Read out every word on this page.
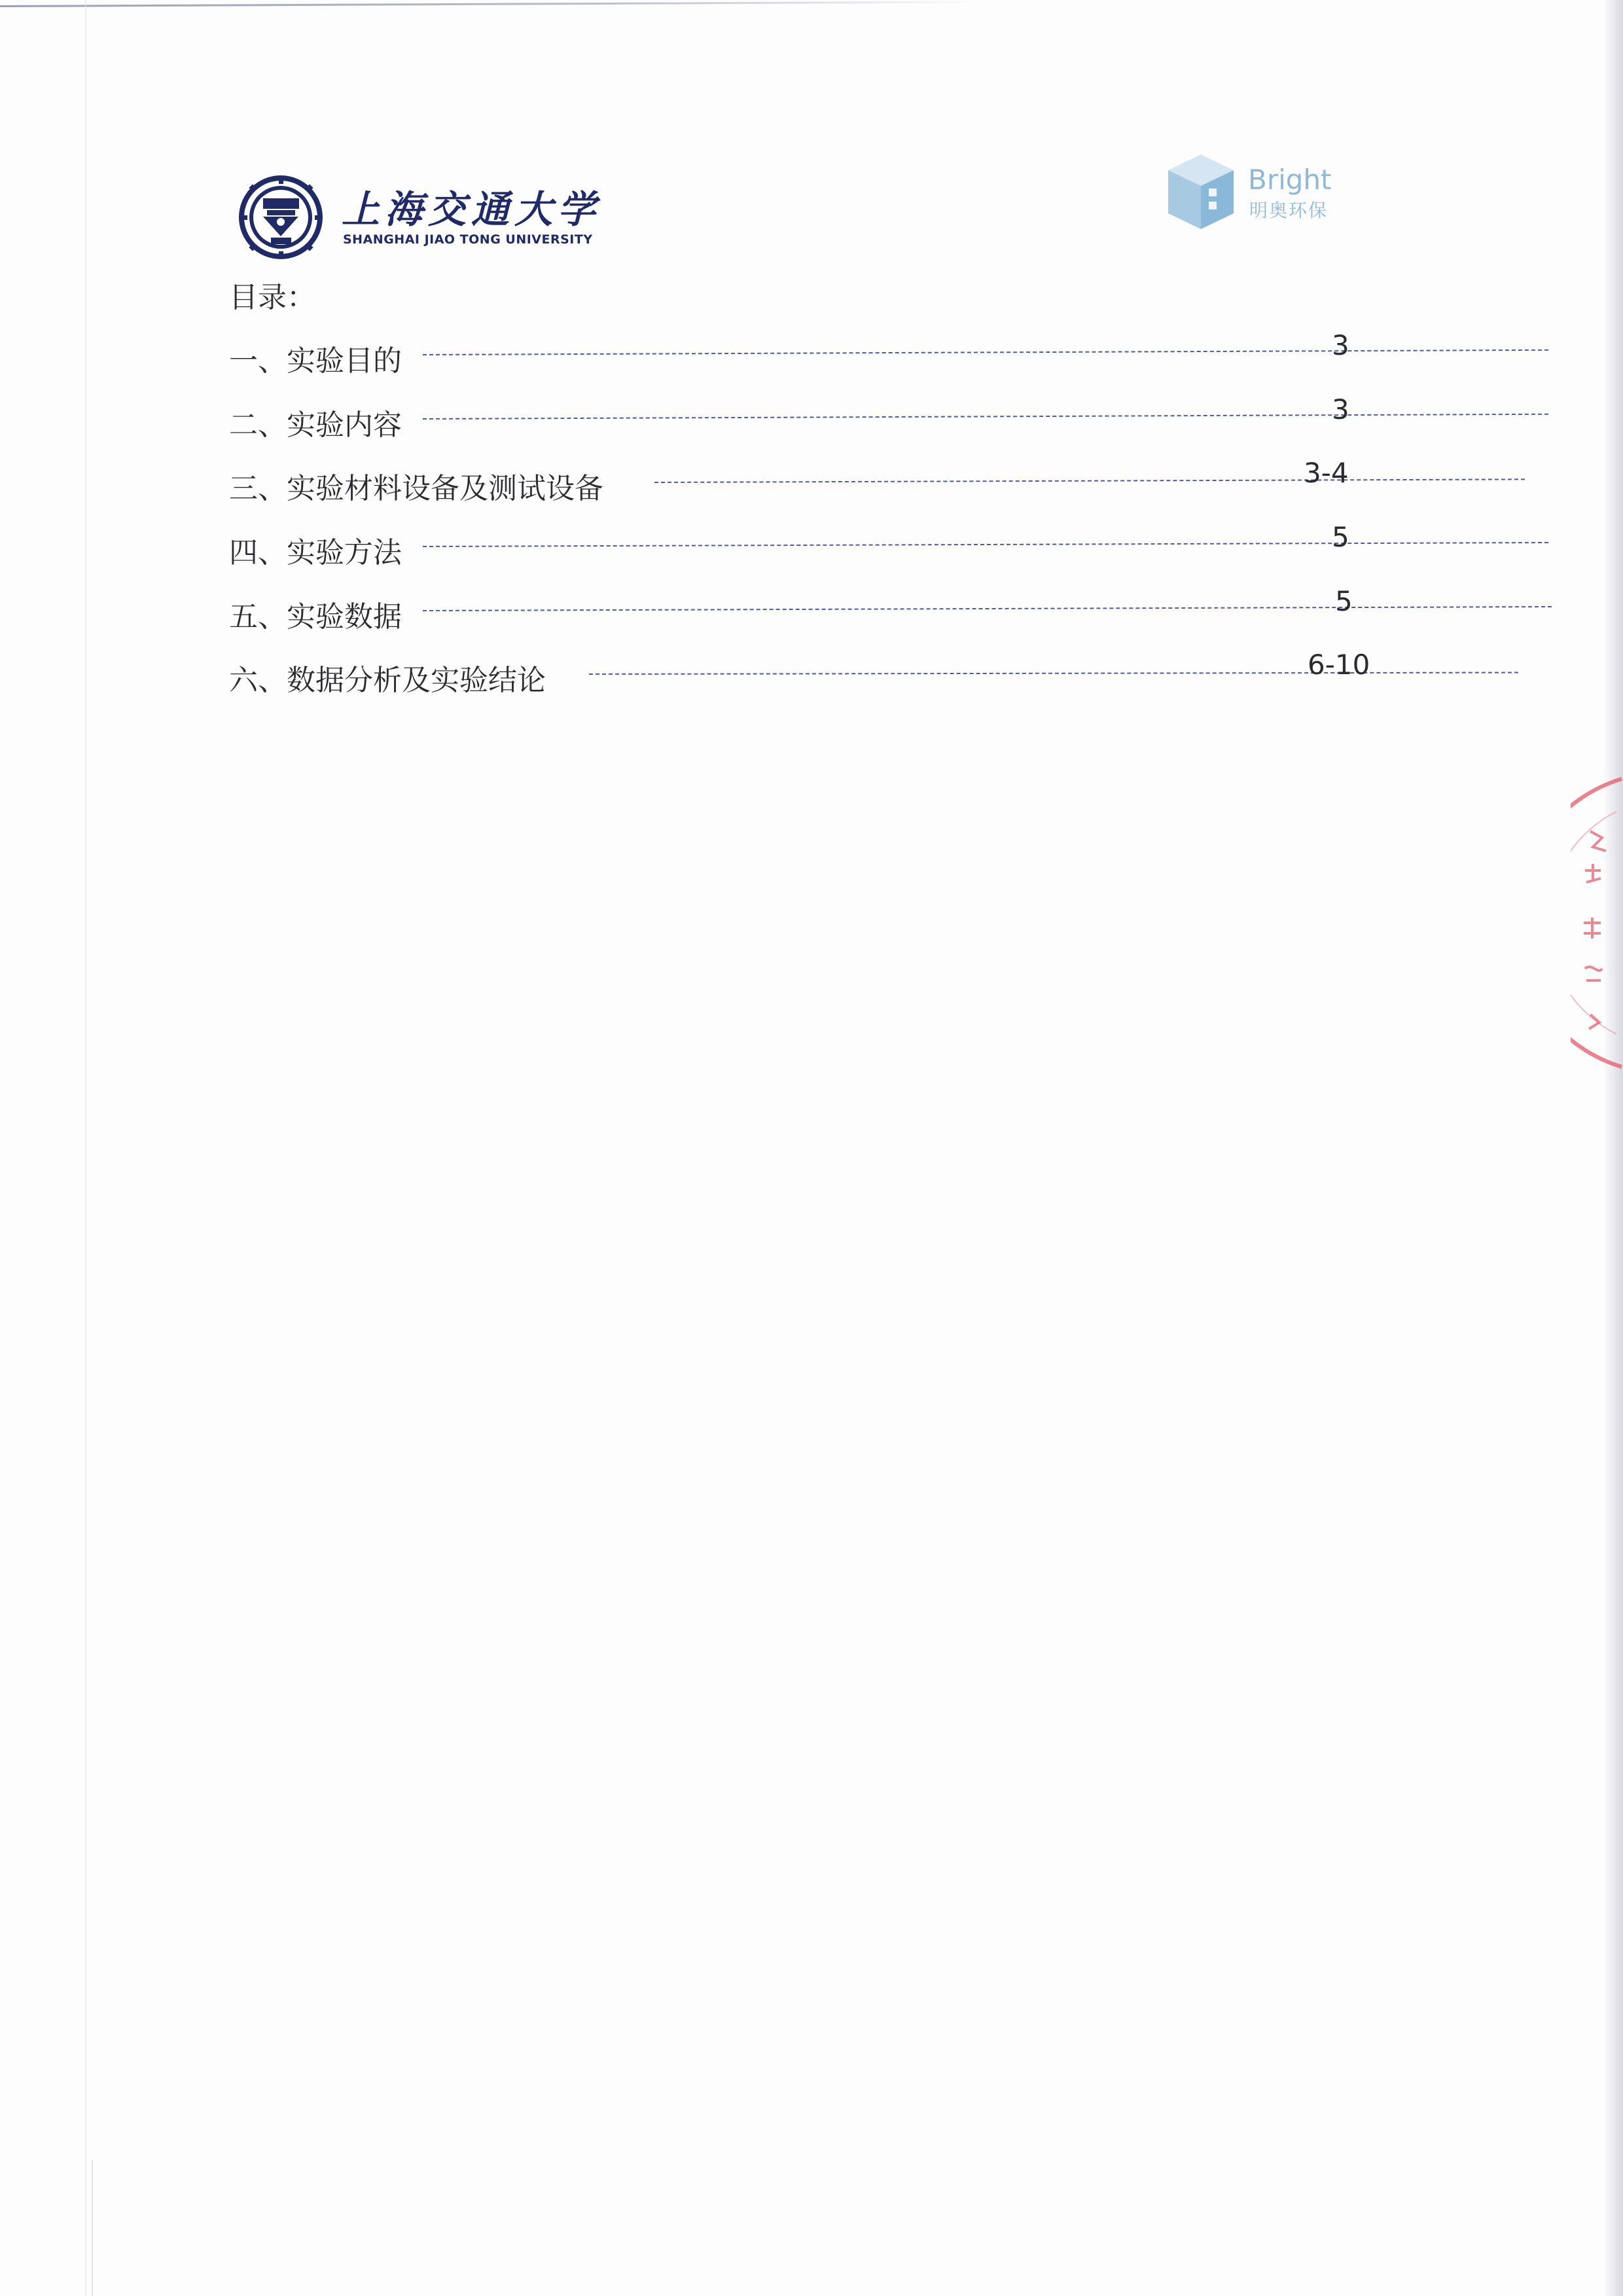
上海交通大学
SHANGHAI JIAO TONG UNIVERSITY
Bright
明奥环保
目录：
一、实验目的	3
二、实验内容	3
三、实验材料设备及测试设备	3-4
四、实验方法	5
五、实验数据	5
六、数据分析及实验结论	6-10
